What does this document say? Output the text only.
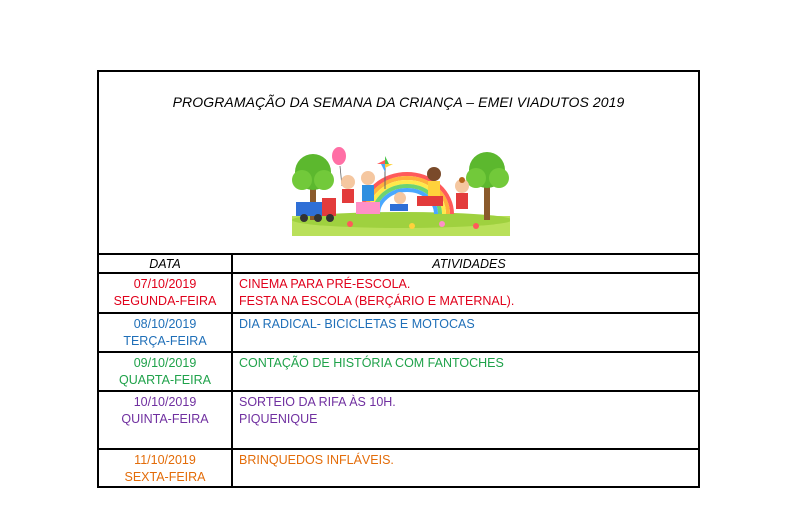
PROGRAMAÇÃO DA SEMANA DA CRIANÇA – EMEI VIADUTOS 2019
DATA	ATIVIDADES
07/10/2019
SEGUNDA-FEIRA
CINEMA PARA PRÉ-ESCOLA.
FESTA NA ESCOLA (BERÇÁRIO E MATERNAL).
08/10/2019
TERÇA-FEIRA
DIA RADICAL- BICICLETAS E MOTOCAS
09/10/2019
QUARTA-FEIRA
CONTAÇÃO DE HISTÓRIA COM FANTOCHES
10/10/2019
QUINTA-FEIRA
SORTEIO DA RIFA ÀS 10H.
PIQUENIQUE
11/10/2019
SEXTA-FEIRA
BRINQUEDOS INFLÁVEIS.
